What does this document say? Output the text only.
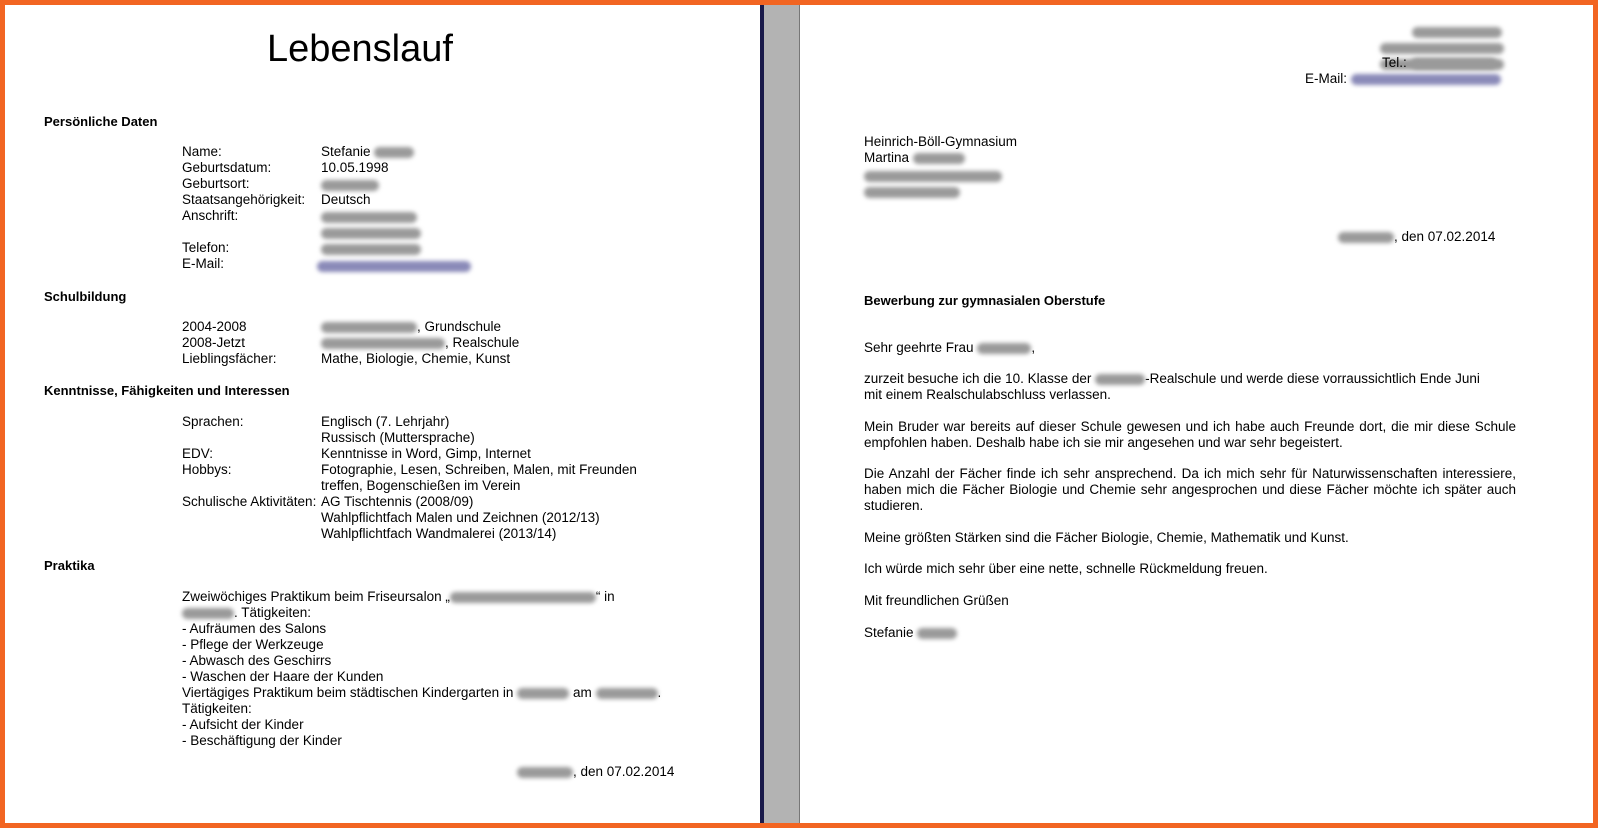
Lebenslauf
Persönliche Daten
Name:	Stefanie
Geburtsdatum:	10.05.1998
Geburtsort:
Staatsangehörigkeit: Deutsch
Anschrift:
Telefon:
E-Mail:
Schulbildung
2004-2008	, Grundschule
2008-Jetzt	, Realschule
Lieblingsfächer:	Mathe, Biologie, Chemie, Kunst
Kenntnisse, Fähigkeiten und Interessen
Sprachen:	Englisch (7. Lehrjahr)
Russisch (Muttersprache)
EDV:	Kenntnisse in Word, Gimp, Internet
Hobbys:	Fotographie, Lesen, Schreiben, Malen, mit Freunden
treffen, Bogenschießen im Verein
Schulische Aktivitäten: AG Tischtennis (2008/09)
Wahlpflichtfach Malen und Zeichnen (2012/13)
Wahlpflichtfach Wandmalerei (2013/14)
Praktika
Zweiwöchiges Praktikum beim Friseursalon „	“ in
. Tätigkeiten:
- Aufräumen des Salons
- Pflege der Werkzeuge
- Abwasch des Geschirrs
- Waschen der Haare der Kunden
Viertägiges Praktikum beim städtischen Kindergarten in	am	.
Tätigkeiten:
- Aufsicht der Kinder
- Beschäftigung der Kinder
, den 07.02.2014
Tel.:
E-Mail:
Heinrich-Böll-Gymnasium
Martina
, den 07.02.2014
Bewerbung zur gymnasialen Oberstufe
Sehr geehrte Frau	,
zurzeit besuche ich die 10. Klasse der	-Realschule und werde diese vorraussichtlich Ende Juni
mit einem Realschulabschluss verlassen.

Mein Bruder war bereits auf dieser Schule gewesen und ich habe auch Freunde dort, die mir diese Schule empfohlen haben. Deshalb habe ich sie mir angesehen und war sehr begeistert.

Die Anzahl der Fächer finde ich sehr ansprechend. Da ich mich sehr für Naturwissenschaften interessiere, haben mich die Fächer Biologie und Chemie sehr angesprochen und diese Fächer möchte ich später auch studieren.

Meine größten Stärken sind die Fächer Biologie, Chemie, Mathematik und Kunst.
Ich würde mich sehr über eine nette, schnelle Rückmeldung freuen.
Mit freundlichen Grüßen
Stefanie
